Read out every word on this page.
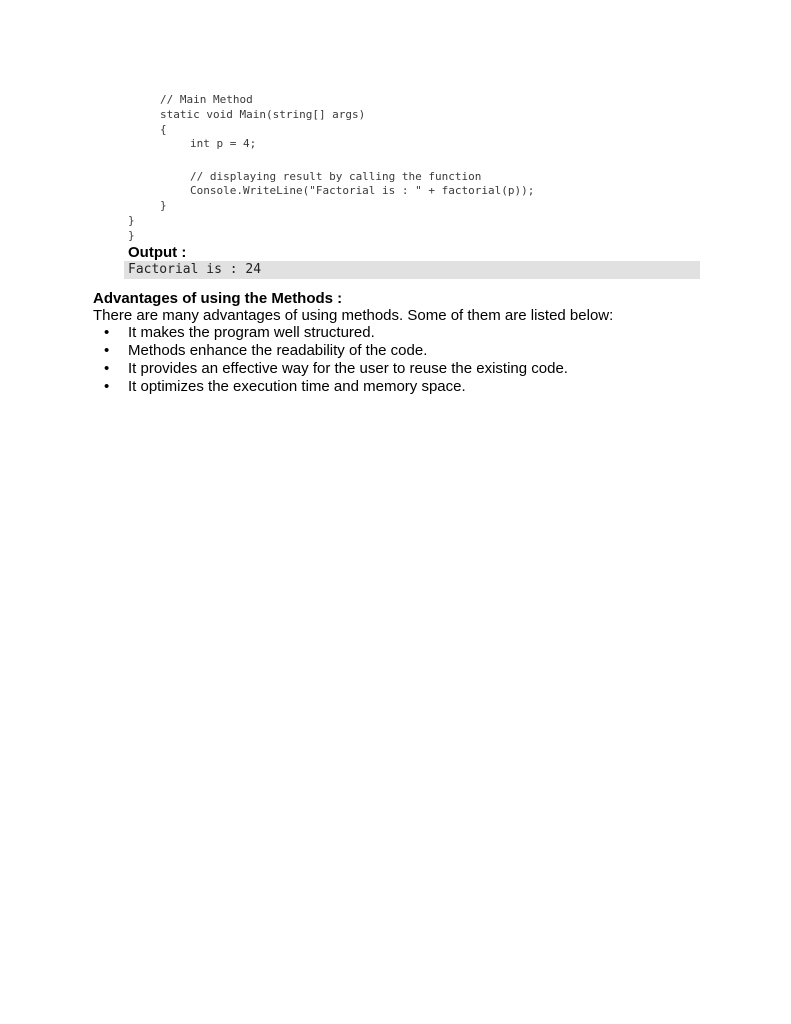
// Main Method
static void Main(string[] args)
{
int p = 4;
// displaying result by calling the function
Console.WriteLine("Factorial is : " + factorial(p));
}
}
}
Output :
Factorial is : 24
Advantages of using the Methods :
There are many advantages of using methods. Some of them are listed below:
•	It makes the program well structured.
•	Methods enhance the readability of the code.
•	It provides an effective way for the user to reuse the existing code.
•	It optimizes the execution time and memory space.
